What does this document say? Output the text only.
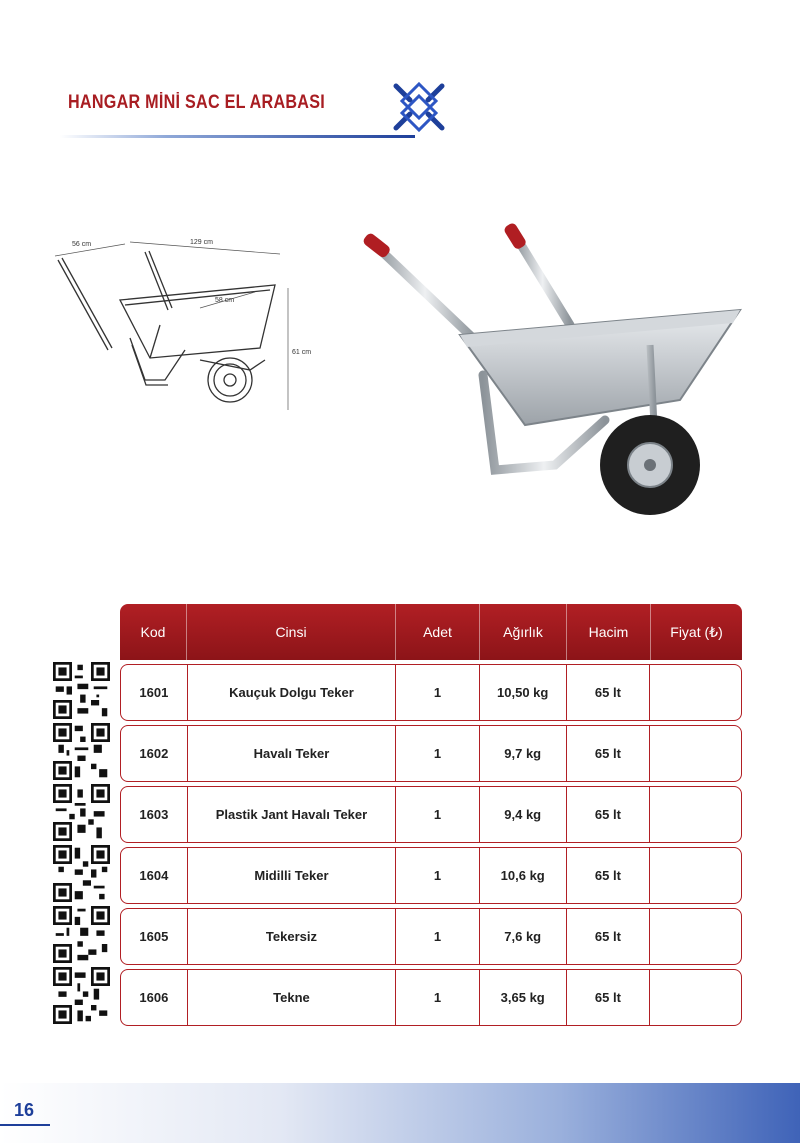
HANGAR MİNİ SAC EL ARABASI
56 cm	129 cm
58 cm
61 cm
Kod	Cinsi	Adet	Ağırlık	Hacim	Fiyat (₺)
1601	Kauçuk Dolgu Teker	1	10,50 kg	65 lt
1602	Havalı Teker	1	9,7 kg	65 lt
1603	Plastik Jant Havalı Teker	1	9,4 kg	65 lt
1604	Midilli Teker	1	10,6 kg	65 lt
1605	Tekersiz	1	7,6 kg	65 lt
1606	Tekne	1	3,65 kg	65 lt
16
